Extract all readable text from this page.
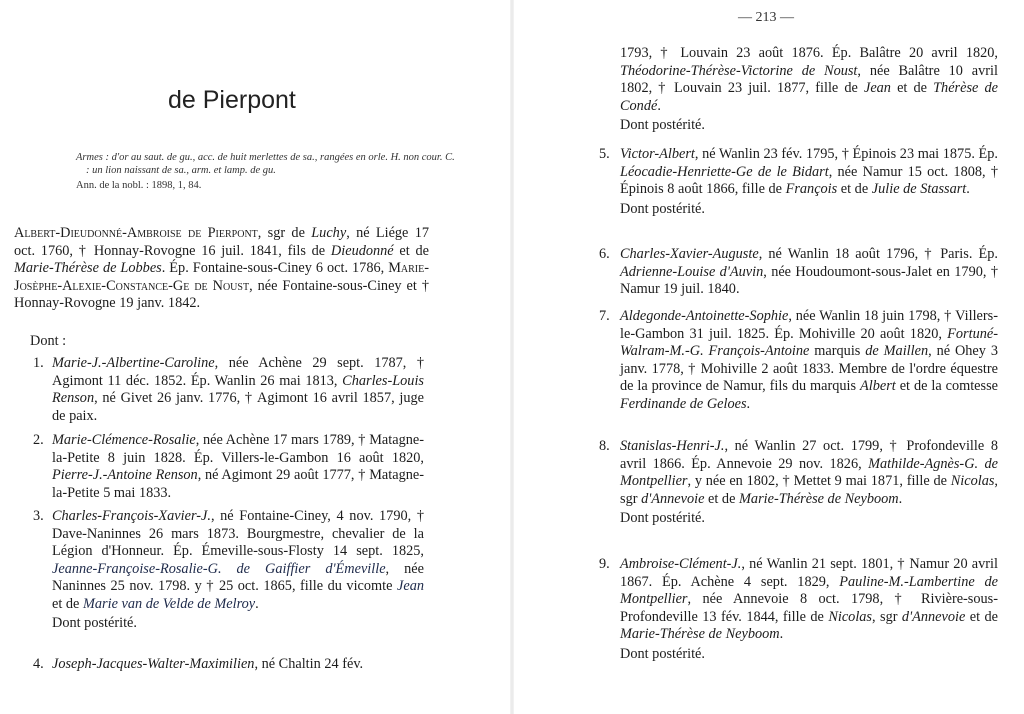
de Pierpont
Armes : d'or au saut. de gu., acc. de huit merlettes de sa., rangées en orle. H. non cour. C. : un lion naissant de sa., arm. et lamp. de gu.
Ann. de la nobl. : 1898, 1, 84.
Albert-Dieudonné-Ambroise de Pierpont, sgr de Luchy, né Liége 17 oct. 1760, † Honnay-Rovogne 16 juil. 1841, fils de Dieudonné et de Marie-Thérèse de Lobbes. Ép. Fontaine-sous-Ciney 6 oct. 1786, Marie-Josèphe-Alexie-Constance-Ge de Noust, née Fontaine-sous-Ciney et † Honnay-Rovogne 19 janv. 1842.
Dont :
1. Marie-J.-Albertine-Caroline, née Achène 29 sept. 1787, † Agimont 11 déc. 1852. Ép. Wanlin 26 mai 1813, Charles-Louis Renson, né Givet 26 janv. 1776, † Agimont 16 avril 1857, juge de paix.
2. Marie-Clémence-Rosalie, née Achène 17 mars 1789, † Matagne-la-Petite 8 juin 1828. Ép. Villers-le-Gambon 16 août 1820, Pierre-J.-Antoine Renson, né Agimont 29 août 1777, † Matagne-la-Petite 5 mai 1833.
3. Charles-François-Xavier-J., né Fontaine-Ciney, 4 nov. 1790, † Dave-Naninnes 26 mars 1873. Bourgmestre, chevalier de la Légion d'Honneur. Ép. Émeville-sous-Flosty 14 sept. 1825, Jeanne-Françoise-Rosalie-G. de Gaiffier d'Émeville, née Naninnes 25 nov. 1798. y † 25 oct. 1865, fille du vicomte Jean et de Marie van de Velde de Melroy.
Dont postérité.
4. Joseph-Jacques-Walter-Maximilien, né Chaltin 24 fév.
— 213 —
1793, † Louvain 23 août 1876. Ép. Balâtre 20 avril 1820, Théodorine-Thérèse-Victorine de Noust, née Balâtre 10 avril 1802, † Louvain 23 juil. 1877, fille de Jean et de Thérèse de Condé.
Dont postérité.
5. Victor-Albert, né Wanlin 23 fév. 1795, † Épinois 23 mai 1875. Ép. Léocadie-Henriette-Ge de le Bidart, née Namur 15 oct. 1808, † Épinois 8 août 1866, fille de François et de Julie de Stassart.
Dont postérité.
6. Charles-Xavier-Auguste, né Wanlin 18 août 1796, † Paris. Ép. Adrienne-Louise d'Auvin, née Houdoumont-sous-Jalet en 1790, † Namur 19 juil. 1840.
7. Aldegonde-Antoinette-Sophie, née Wanlin 18 juin 1798, † Villers-le-Gambon 31 juil. 1825. Ép. Mohiville 20 août 1820, Fortuné-Walram-M.-G. François-Antoine marquis de Maillen, né Ohey 3 janv. 1778, † Mohiville 2 août 1833. Membre de l'ordre équestre de la province de Namur, fils du marquis Albert et de la comtesse Ferdinande de Geloes.
8. Stanislas-Henri-J., né Wanlin 27 oct. 1799, † Profondeville 8 avril 1866. Ép. Annevoie 29 nov. 1826, Mathilde-Agnès-G. de Montpellier, y née en 1802, † Mettet 9 mai 1871, fille de Nicolas, sgr d'Annevoie et de Marie-Thérèse de Neyboom.
Dont postérité.
9. Ambroise-Clément-J., né Wanlin 21 sept. 1801, † Namur 20 avril 1867. Ép. Achène 4 sept. 1829, Pauline-M.-Lambertine de Montpellier, née Annevoie 8 oct. 1798, † Rivière-sous-Profondeville 13 fév. 1844, fille de Nicolas, sgr d'Annevoie et de Marie-Thérèse de Neyboom.
Dont postérité.
